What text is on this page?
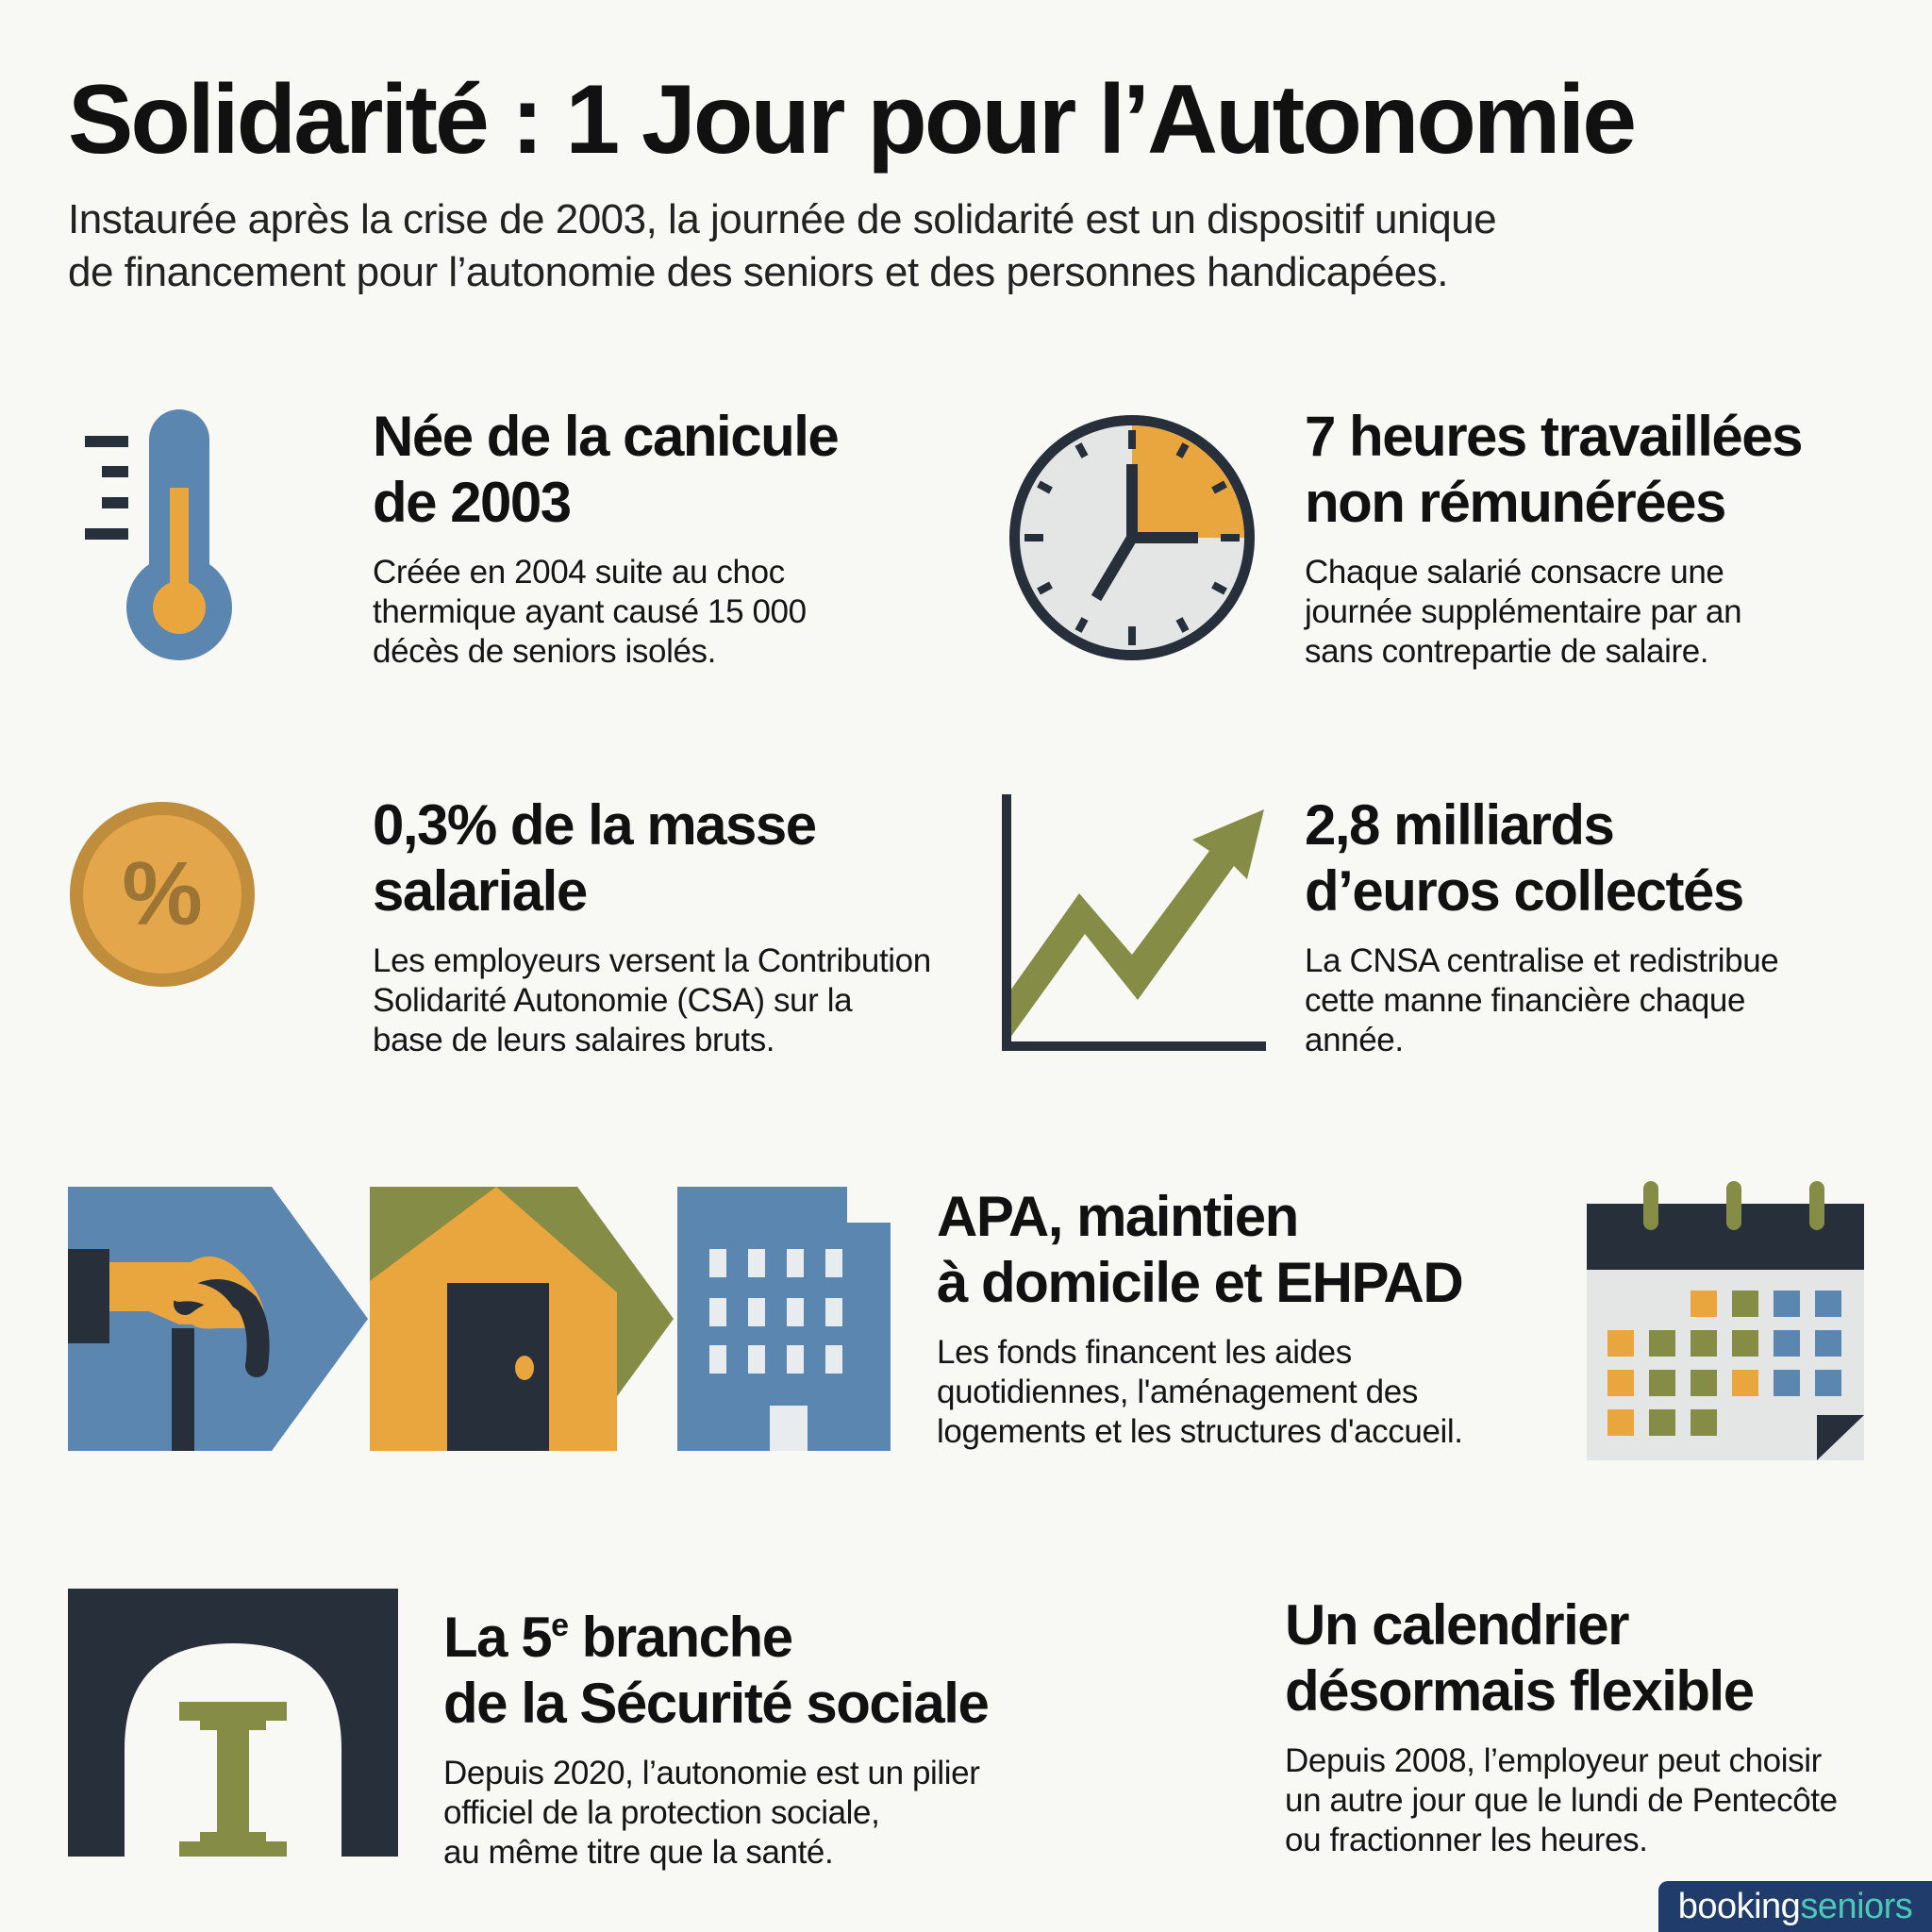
Solidarité : 1 Jour pour l’Autonomie
Instaurée après la crise de 2003, la journée de solidarité est un dispositif unique
de financement pour l’autonomie des seniors et des personnes handicapées.
Née de la canicule
de 2003
Créée en 2004 suite au choc
thermique ayant causé 15 000
décès de seniors isolés.
7 heures travaillées
non rémunérées
Chaque salarié consacre une
journée supplémentaire par an
sans contrepartie de salaire.
%
0,3% de la masse
salariale
Les employeurs versent la Contribution
Solidarité Autonomie (CSA) sur la
base de leurs salaires bruts.
2,8 milliards
d’euros collectés
La CNSA centralise et redistribue
cette manne financière chaque
année.
APA, maintien
à domicile et EHPAD
Les fonds financent les aides
quotidiennes, l'aménagement des
logements et les structures d'accueil.
La 5e branche
de la Sécurité sociale
Depuis 2020, l’autonomie est un pilier
officiel de la protection sociale,
au même titre que la santé.
Un calendrier
désormais flexible
Depuis 2008, l’employeur peut choisir
un autre jour que le lundi de Pentecôte
ou fractionner les heures.
booking seniors
